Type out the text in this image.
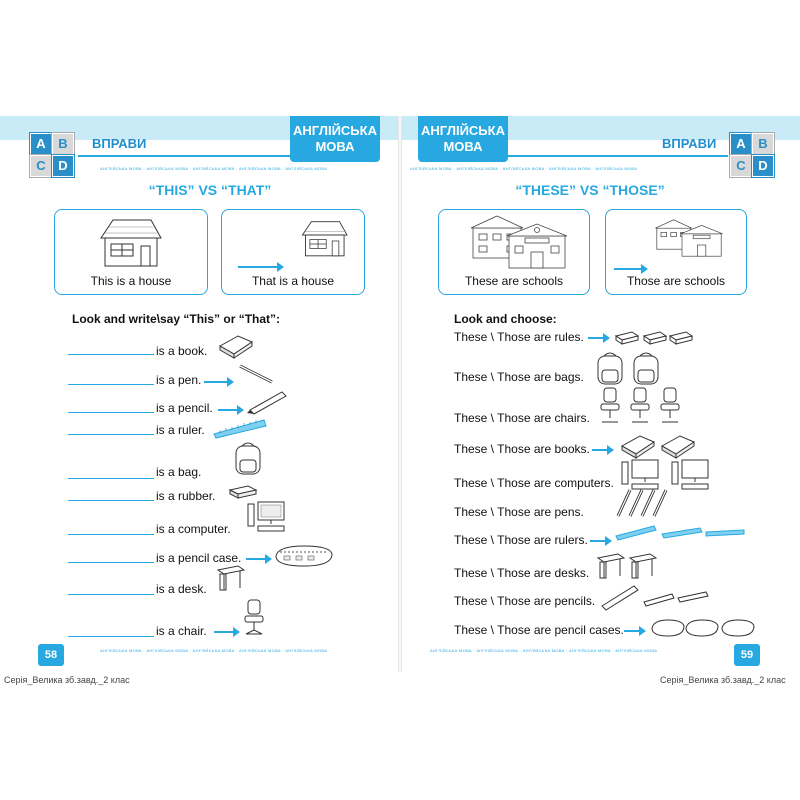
A B
C D
ВПРАВИ
АНГЛІЙСЬКА
МОВА
АНГЛІЙСЬКА МОВА · АНГЛІЙСЬКА МОВА · АНГЛІЙСЬКА МОВА · АНГЛІЙСЬКА МОВА · АНГЛІЙСЬКА МОВА
“THIS” VS “THAT”
АНГЛІЙСЬКА
МОВА	ВПРАВИ	A B
C D
АНГЛІЙСЬКА МОВА · АНГЛІЙСЬКА МОВА · АНГЛІЙСЬКА МОВА · АНГЛІЙСЬКА МОВА · АНГЛІЙСЬКА МОВА
“THESE” VS “THOSE”
This is a house	That is a house	These are schools	Those are schools
Look and write\say “This” or “That”:	Look and choose:
is a book.
is a pen.
is a pencil.
is a ruler.
is a bag.
is a rubber.
is a computer.
is a pencil case.
is a desk.
is a chair.
These \ Those are rules.
These \ Those are bags.
These \ Those are chairs.
These \ Those are books.
These \ Those are computers.
These \ Those are pens.
These \ Those are rulers.
These \ Those are desks.
These \ Those are pencils.
These \ Those are pencil cases.
58	59
АНГЛІЙСЬКА МОВА · АНГЛІЙСЬКА МОВА · АНГЛІЙСЬКА МОВА · АНГЛІЙСЬКА МОВА · АНГЛІЙСЬКА МОВА	АНГЛІЙСЬКА МОВА · АНГЛІЙСЬКА МОВА · АНГЛІЙСЬКА МОВА · АНГЛІЙСЬКА МОВА · АНГЛІЙСЬКА МОВА
Серія_Велика зб.завд._2 клас	Серія_Велика зб.завд._2 клас
